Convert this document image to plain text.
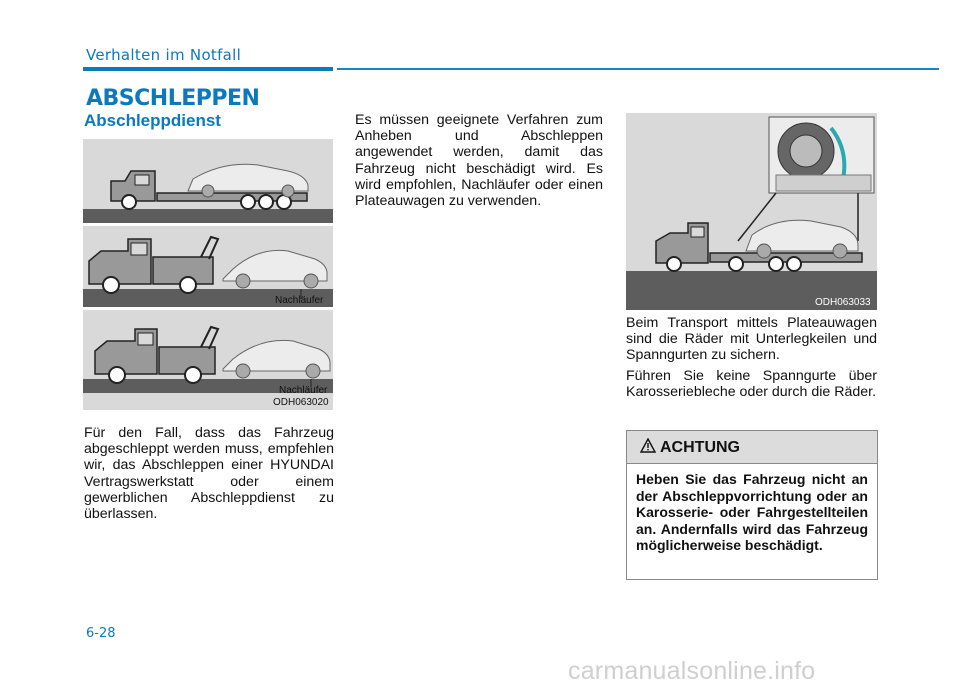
Verhalten im Notfall
ABSCHLEPPEN
Abschleppdienst
Nachläufer
Nachläufer
ODH063020
Für den Fall, dass das Fahrzeug abgeschleppt werden muss, empfehlen wir, das Abschleppen einer HYUNDAI Vertragswerkstatt oder einem gewerblichen Abschleppdienst zu überlassen.
Es müssen geeignete Verfahren zum Anheben und Abschleppen angewendet werden, damit das Fahrzeug nicht beschädigt wird. Es wird empfohlen, Nachläufer oder einen Plateauwagen zu verwenden.
ODH063033
Beim Transport mittels Plateauwagen sind die Räder mit Unterlegkeilen und Spanngurten zu sichern.
Führen Sie keine Spanngurte über Karosseriebleche oder durch die Räder.
ACHTUNG
Heben Sie das Fahrzeug nicht an der Abschleppvorrichtung oder an Karosserie- oder Fahrgestellteilen an. Andernfalls wird das Fahrzeug möglicherweise beschädigt.
6-28
carmanualsonline.info
